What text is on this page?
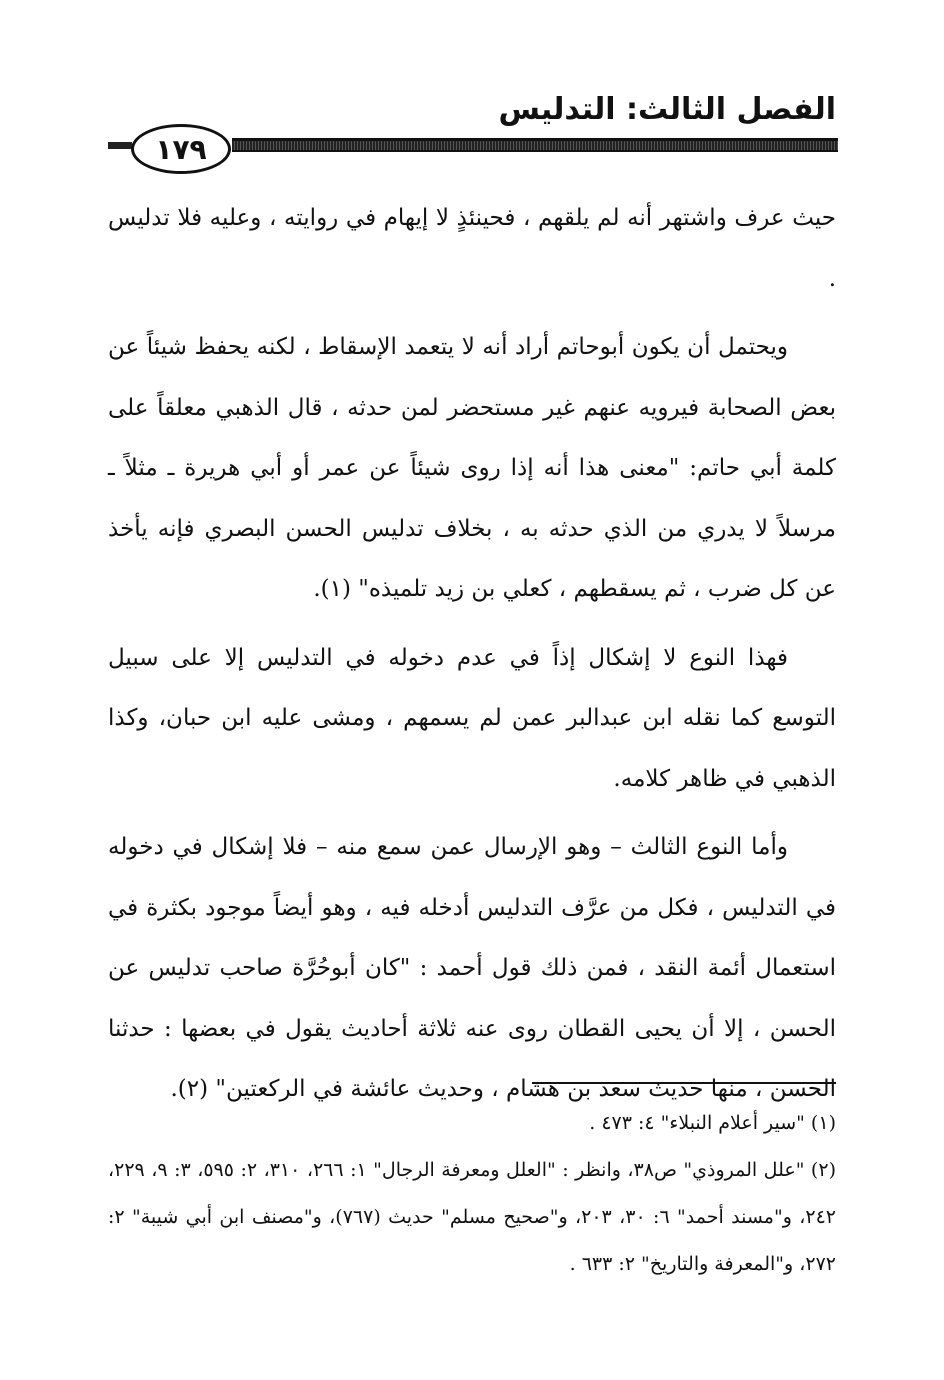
الفصل الثالث: التدليس
١٧٩

حيث عرف واشتهر أنه لم يلقهم ، فحينئذٍ لا إيهام في روايته ، وعليه فلا تدليس .

ويحتمل أن يكون أبوحاتم أراد أنه لا يتعمد الإسقاط ، لكنه يحفظ شيئاً عن بعض الصحابة فيرويه عنهم غير مستحضر لمن حدثه ، قال الذهبي معلقاً على كلمة أبي حاتم: "معنى هذا أنه إذا روى شيئاً عن عمر أو أبي هريرة ـ مثلاً ـ مرسلاً لا يدري من الذي حدثه به ، بخلاف تدليس الحسن البصري فإنه يأخذ عن كل ضرب ، ثم يسقطهم ، كعلي بن زيد تلميذه" (١).

فهذا النوع لا إشكال إذاً في عدم دخوله في التدليس إلا على سبيل التوسع كما نقله ابن عبدالبر عمن لم يسمهم ، ومشى عليه ابن حبان، وكذا الذهبي في ظاهر كلامه.

وأما النوع الثالث – وهو الإرسال عمن سمع منه – فلا إشكال في دخوله في التدليس ، فكل من عرَّف التدليس أدخله فيه ، وهو أيضاً موجود بكثرة في استعمال أئمة النقد ، فمن ذلك قول أحمد : "كان أبوحُرَّة صاحب تدليس عن الحسن ، إلا أن يحيى القطان روى عنه ثلاثة أحاديث يقول في بعضها : حدثنا الحسن ، منها حديث سعد بن هشام ، وحديث عائشة في الركعتين" (٢).

(١) "سير أعلام النبلاء" ٤: ٤٧٣ .

(٢) "علل المروذي" ص٣٨، وانظر : "العلل ومعرفة الرجال" ١: ٢٦٦، ٣١٠، ٢: ٥٩٥، ٣: ٩، ٢٢٩، ٢٤٢، و"مسند أحمد" ٦: ٣٠، ٢٠٣، و"صحيح مسلم" حديث (٧٦٧)، و"مصنف ابن أبي شيبة" ٢: ٢٧٢، و"المعرفة والتاريخ" ٢: ٦٣٣ .
